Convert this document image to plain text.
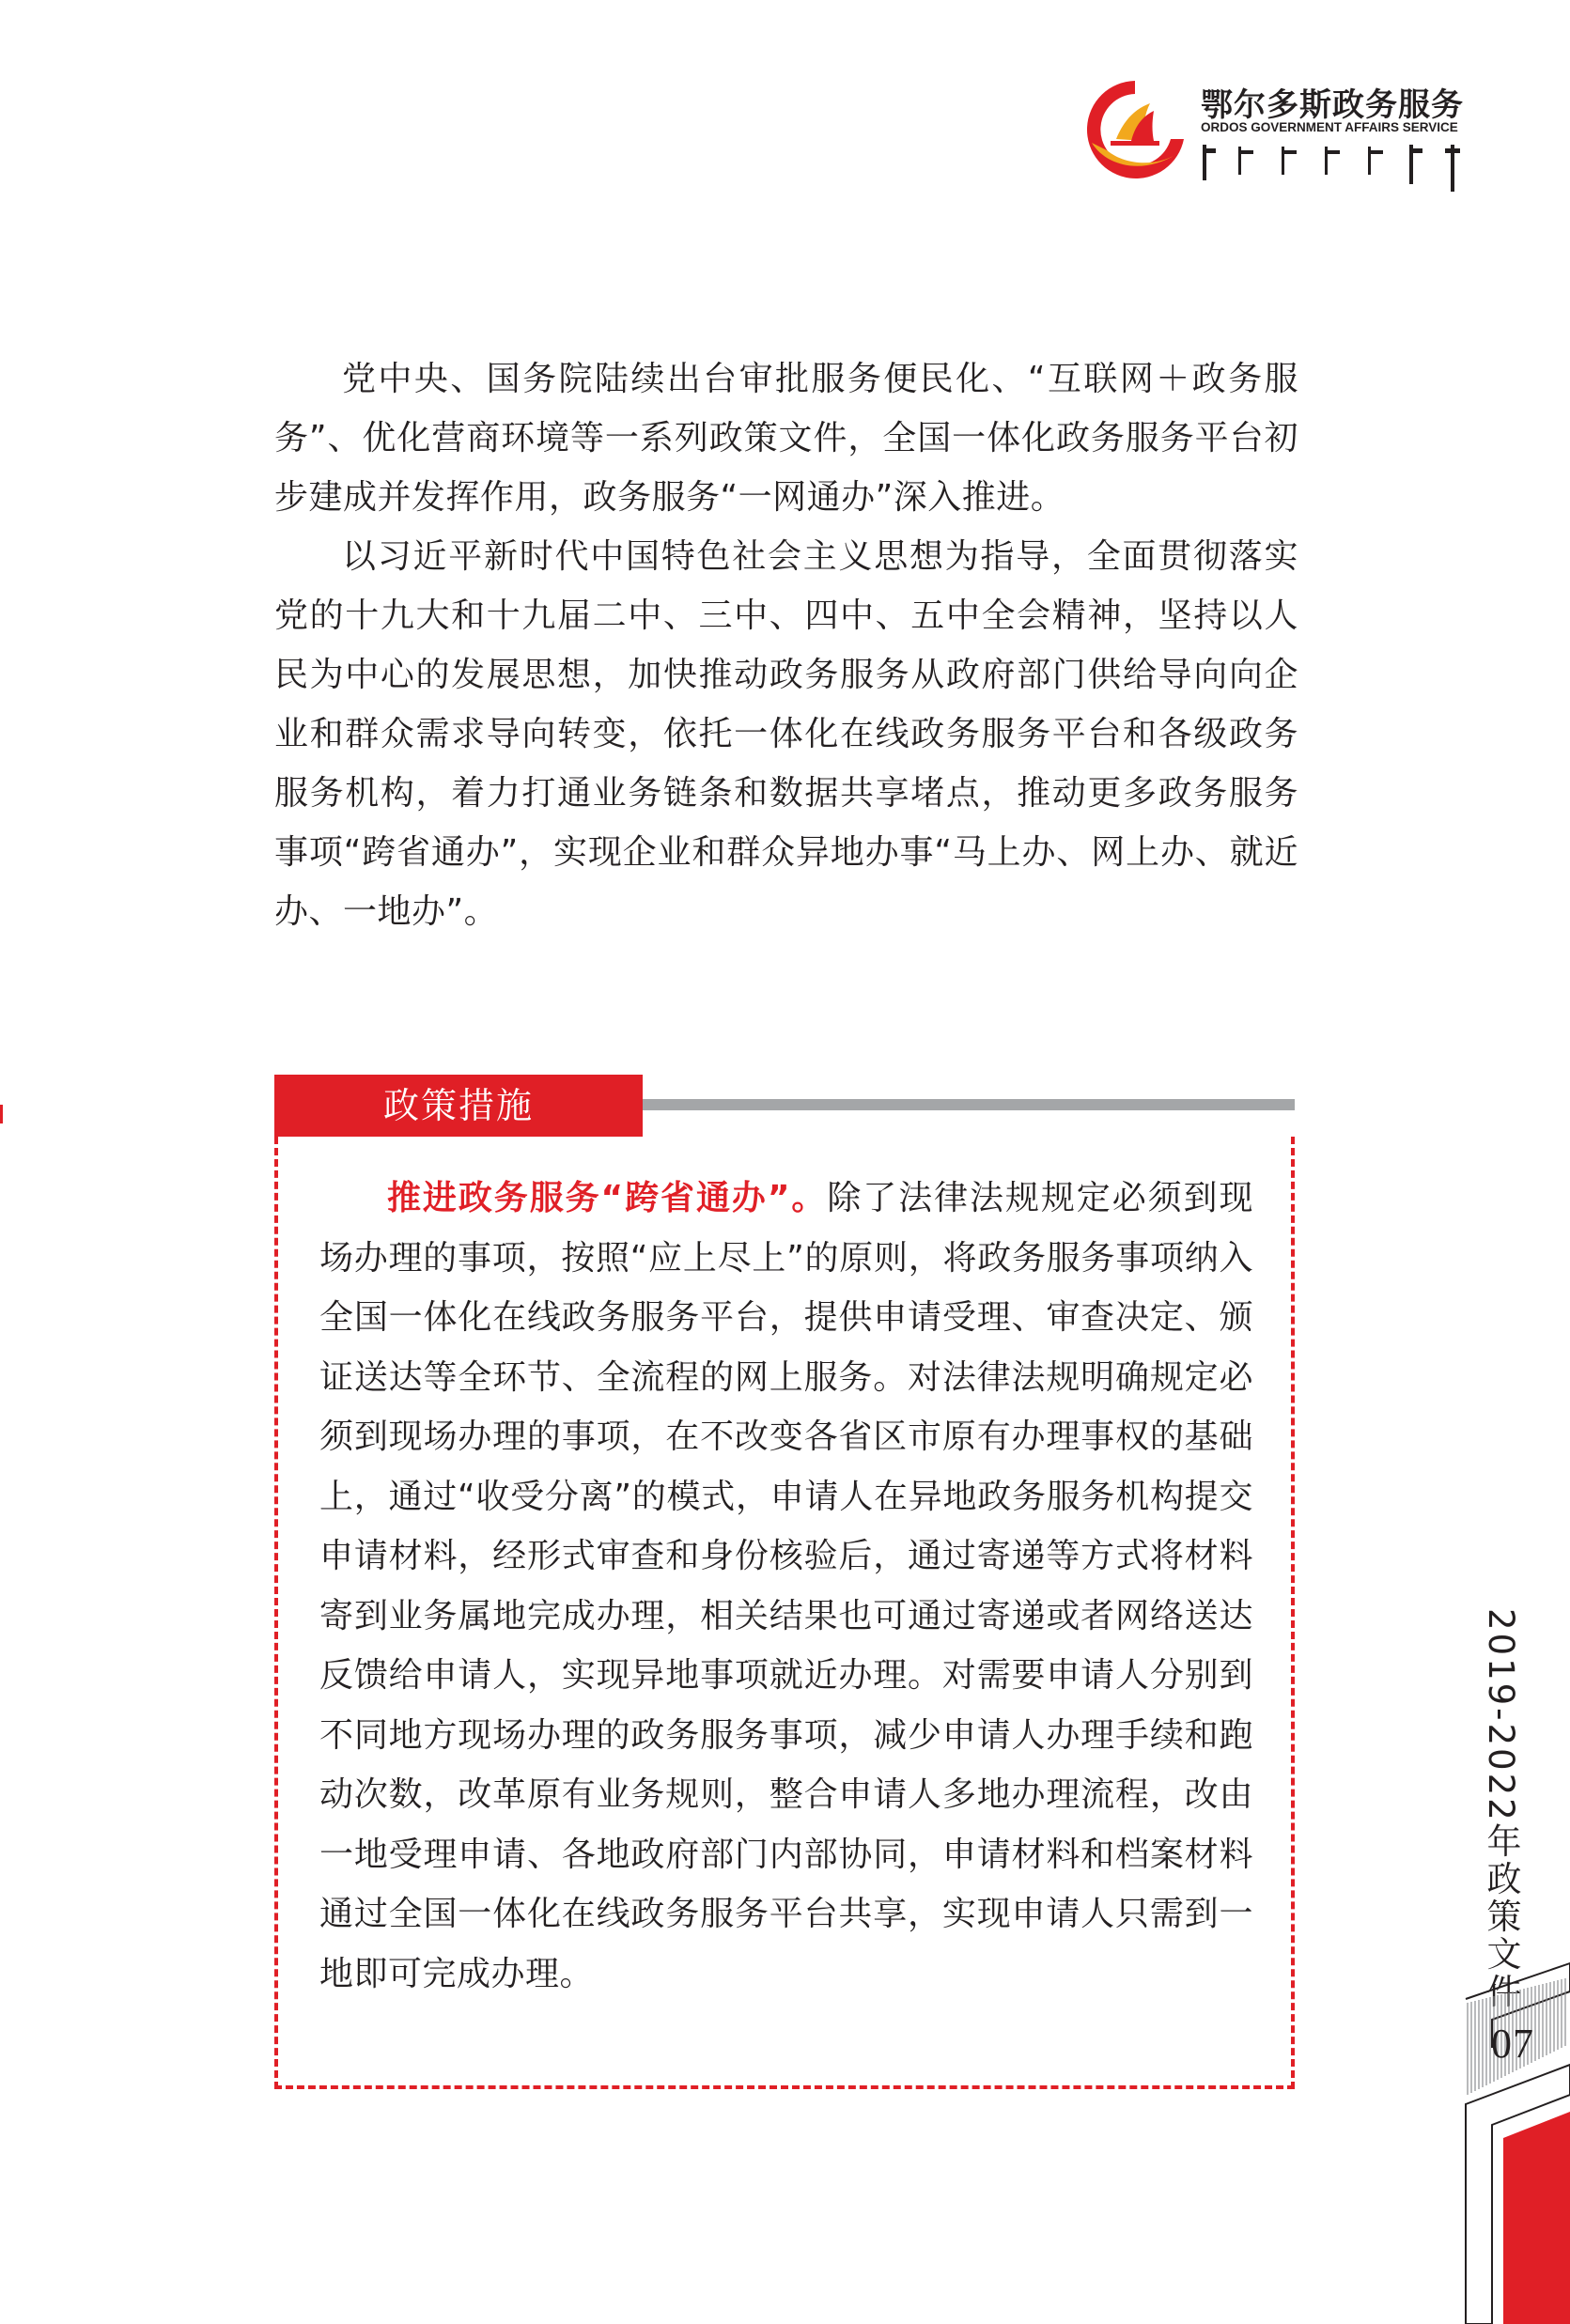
鄂尔多斯政务服务
ORDOS GOVERNMENT AFFAIRS SERVICE

党中央、国务院陆续出台审批服务便民化、“互联网＋政务服务”、优化营商环境等一系列政策文件，全国一体化政务服务平台初步建成并发挥作用，政务服务“一网通办”深入推进。

以习近平新时代中国特色社会主义思想为指导，全面贯彻落实党的十九大和十九届二中、三中、四中、五中全会精神，坚持以人民为中心的发展思想，加快推动政务服务从政府部门供给导向向企业和群众需求导向转变，依托一体化在线政务服务平台和各级政务服务机构，着力打通业务链条和数据共享堵点，推动更多政务服务事项“跨省通办”，实现企业和群众异地办事“马上办、网上办、就近办、一地办”。

政策措施

推进政务服务“跨省通办”。除了法律法规规定必须到现场办理的事项，按照“应上尽上”的原则，将政务服务事项纳入全国一体化在线政务服务平台，提供申请受理、审查决定、颁证送达等全环节、全流程的网上服务。对法律法规明确规定必须到现场办理的事项，在不改变各省区市原有办理事权的基础上，通过“收受分离”的模式，申请人在异地政务服务机构提交申请材料，经形式审查和身份核验后，通过寄递等方式将材料寄到业务属地完成办理，相关结果也可通过寄递或者网络送达反馈给申请人，实现异地事项就近办理。对需要申请人分别到不同地方现场办理的政务服务事项，减少申请人办理手续和跑动次数，改革原有业务规则，整合申请人多地办理流程，改由一地受理申请、各地政府部门内部协同，申请材料和档案材料通过全国一体化在线政务服务平台共享，实现申请人只需到一地即可完成办理。	2019-2022年政策文件
07
